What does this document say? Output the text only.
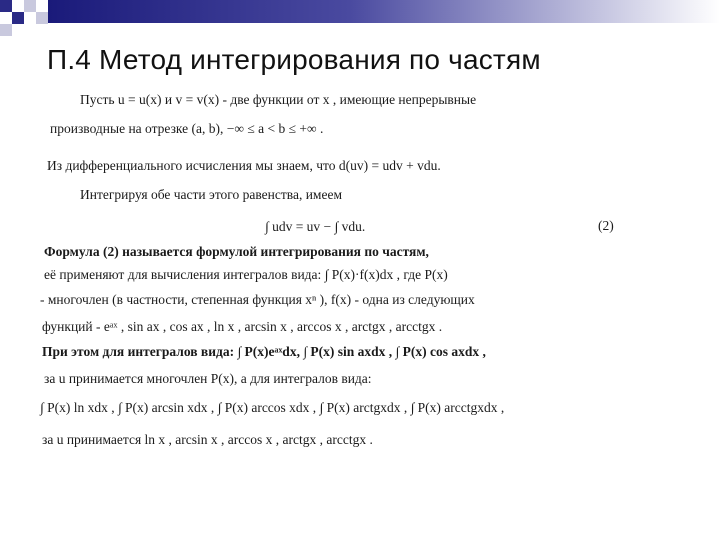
П.4 Метод интегрирования по частям
Пусть u = u(x) и v = v(x) - две функции от x , имеющие непрерывные
производные на отрезке (a, b), −∞ ≤ a < b ≤ +∞ .
Из дифференциального исчисления мы знаем, что d(uv) = udv + vdu.
Интегрируя обе части этого равенства, имеем
∫ udv = uv − ∫ vdu.	(2)
Формула (2) называется формулой интегрирования по частям,
её применяют для вычисления интегралов вида: ∫ P(x)·f(x)dx , где P(x)
- многочлен (в частности, степенная функция xⁿ ), f(x) - одна из следующих
функций - eᵃˣ , sin ax , cos ax , ln x , arcsin x , arccos x , arctgx , arcctgx .
При этом для интегралов вида: ∫ P(x)eᵃˣdx, ∫ P(x) sin axdx , ∫ P(x) cos axdx ,
за u принимается многочлен P(x), а для интегралов вида:
∫ P(x) ln xdx , ∫ P(x) arcsin xdx , ∫ P(x) arccos xdx , ∫ P(x) arctgxdx , ∫ P(x) arcctgxdx ,
за u принимается ln x , arcsin x , arccos x , arctgx , arcctgx .
